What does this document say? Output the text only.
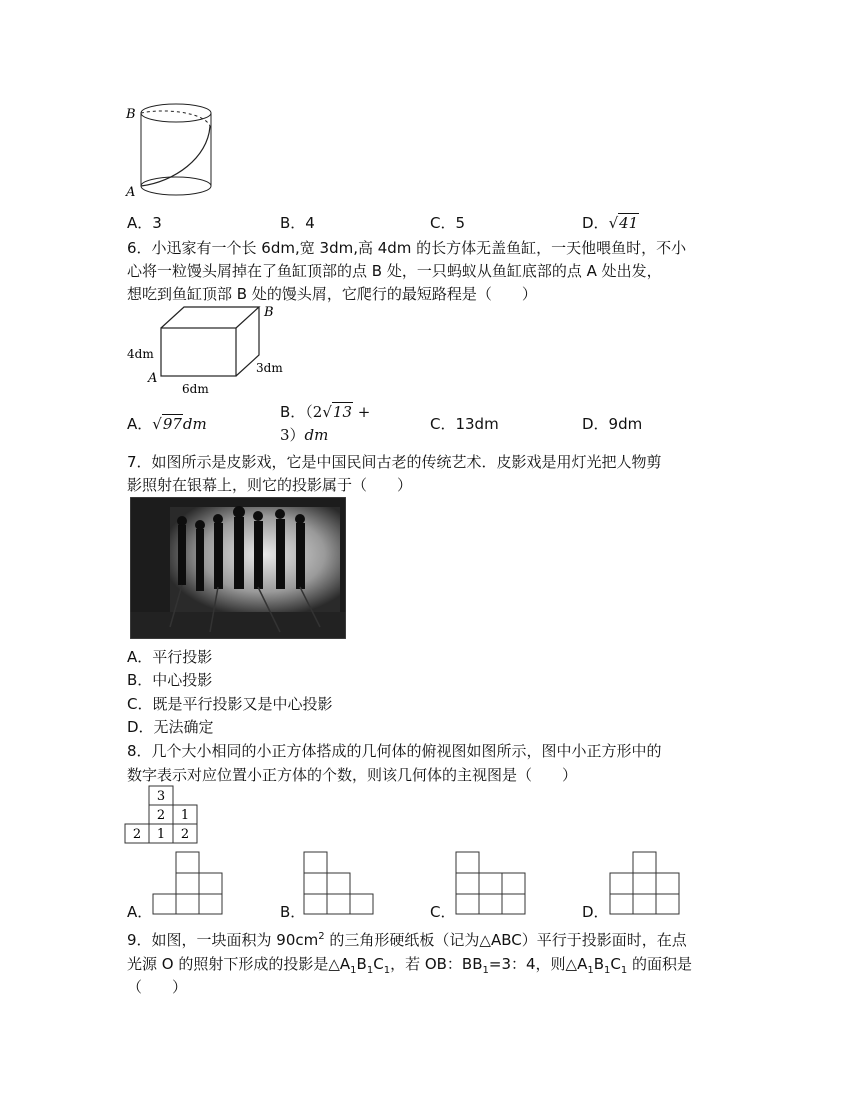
B
A
A．3	B．4	C．5	D．√41
6．小迅家有一个长 6dm,宽 3dm,高 4dm 的长方体无盖鱼缸，一天他喂鱼时，不小
心将一粒馒头屑掉在了鱼缸顶部的点 B 处，一只蚂蚁从鱼缸底部的点 A 处出发，
想吃到鱼缸顶部 B 处的馒头屑，它爬行的最短路程是（　　）
B
4dm
A
6dm
3dm
A．√97dm
B．（2√13 +
3）dm
C．13dm	D．9dm
7．如图所示是皮影戏，它是中国民间古老的传统艺术．皮影戏是用灯光把人物剪
影照射在银幕上，则它的投影属于（　　）
A．平行投影
B．中心投影
C．既是平行投影又是中心投影
D．无法确定
8．几个大小相同的小正方体搭成的几何体的俯视图如图所示，图中小正方形中的
数字表示对应位置小正方体的个数，则该几何体的主视图是（　　）
3
2 1
2 1 2
A．	B．	C．	D．
9．如图，一块面积为 $90cm^2$ 的三角形硬纸板（记为△ABC）平行于投影面时，在点
光源 O 的照射下形成的投影是$\triangle A_1B_1C_1$，若 OB：$BB_1=3$：4，则$\triangle A_1B_1C_1$ 的面积是
（　　）
